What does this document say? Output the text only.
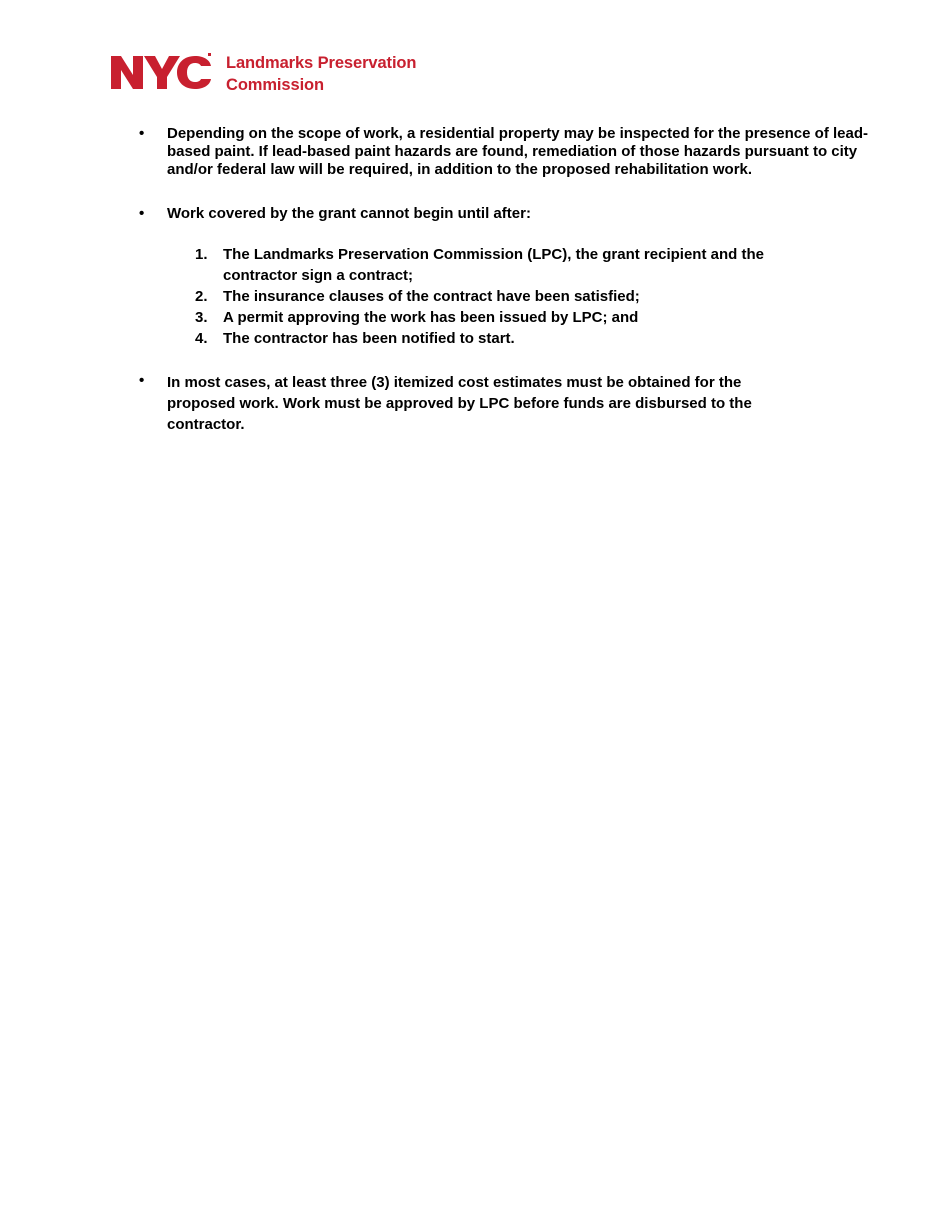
Landmarks Preservation
Commission
• Depending on the scope of work, a residential property may be inspected for the presence of lead-based paint. If lead-based paint hazards are found, remediation of those hazards pursuant to city and/or federal law will be required, in addition to the proposed rehabilitation work.
• Work covered by the grant cannot begin until after:
1.	The Landmarks Preservation Commission (LPC), the grant recipient and the contractor sign a contract;
2.	The insurance clauses of the contract have been satisfied;
3.	A permit approving the work has been issued by LPC; and
4.	The contractor has been notified to start.
• In most cases, at least three (3) itemized cost estimates must be obtained for the proposed work. Work must be approved by LPC before funds are disbursed to the contractor.
